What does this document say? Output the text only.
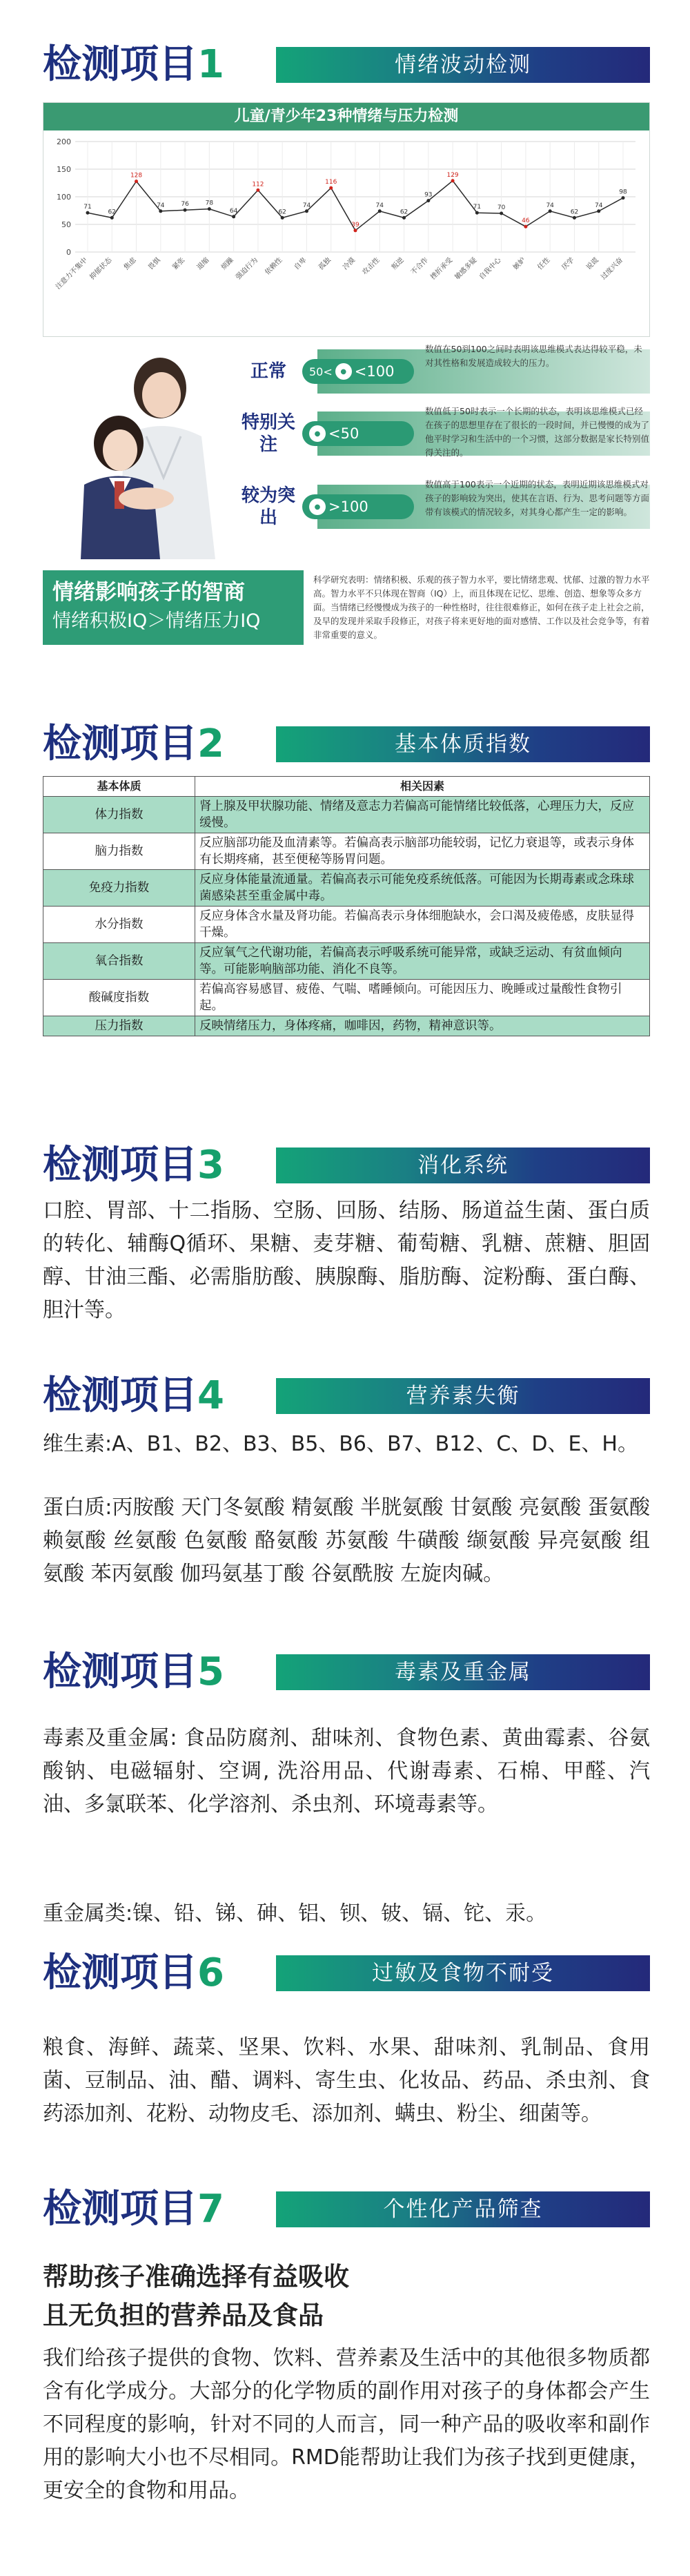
检测项目1	情绪波动检测
儿童/青少年23种情绪与压力检测
0
50
100
150
200
注意力不集中 抑郁状态 焦虑 畏惧 紧张 退缩 烦躁 强迫行为 依赖性 自卑 孤独 冷漠 攻击性 叛逆 不合作 挫折承受 敏感多疑 自我中心 嫉妒 任性 厌学 说谎 过度兴奋
71
62
128
74	76	78
64
112
62
74
116
39
74
62
93
129
71	70
46
74
62
74
98
正常	50<	● <100
数值在50到100之间时表明该思维模式表达得较平稳，未对其性格和发展造成较大的压力。
特别关注
● <50
数值低于50时表示一个长期的状态，表明该思维模式已经在孩子的思想里存在了很长的一段时间，并已慢慢的成为了他平时学习和生活中的一个习惯，这部分数据是家长特别值得关注的。
较为突出
● >100
数值高于100表示一个近期的状态，表明近期该思维模式对孩子的影响较为突出，使其在言语、行为、思考问题等方面带有该模式的情况较多，对其身心都产生一定的影响。
情绪影响孩子的智商
情绪积极IQ＞情绪压力IQ
科学研究表明：情绪积极、乐观的孩子智力水平，要比情绪悲观、忧郁、过激的智力水平高。智力水平不只体现在智商（IQ）上，而且体现在记忆、思维、创造、想象等众多方面。当情绪已经慢慢成为孩子的一种性格时，往往很难修正，如何在孩子走上社会之前，及早的发现并采取手段修正，对孩子将来更好地的面对感情、工作以及社会竞争等，有着非常重要的意义。
检测项目2	基本体质指数
基本体质	相关因素
体力指数	肾上腺及甲状腺功能、情绪及意志力若偏高可能情绪比较低落，心理压力大，反应缓慢。
脑力指数	反应脑部功能及血清素等。若偏高表示脑部功能较弱，记忆力衰退等，或表示身体有长期疼痛，甚至便秘等肠胃问题。
免疫力指数	反应身体能量流通量。若偏高表示可能免疫系统低落。可能因为长期毒素或念珠球菌感染甚至重金属中毒。
水分指数	反应身体含水量及肾功能。若偏高表示身体细胞缺水，会口渴及疲倦感，皮肤显得干燥。
氧合指数	反应氧气之代谢功能，若偏高表示呼吸系统可能异常，或缺乏运动、有贫血倾向等。可能影响脑部功能、消化不良等。
酸碱度指数	若偏高容易感冒、疲倦、气喘、嗜睡倾向。可能因压力、晚睡或过量酸性食物引起。
压力指数	反映情绪压力，身体疼痛，咖啡因，药物，精神意识等。
检测项目3	消化系统
口腔、胃部、十二指肠、空肠、回肠、结肠、肠道益生菌、蛋白质的转化、辅酶Q循环、果糖、麦芽糖、葡萄糖、乳糖、蔗糖、胆固醇、甘油三酯、必需脂肪酸、胰腺酶、脂肪酶、淀粉酶、蛋白酶、胆汁等。
检测项目4	营养素失衡
维生素:A、B1、B2、B3、B5、B6、B7、B12、C、D、E、H。
蛋白质:丙胺酸 天门冬氨酸 精氨酸 半胱氨酸 甘氨酸 亮氨酸 蛋氨酸 赖氨酸 丝氨酸 色氨酸 酪氨酸 苏氨酸 牛磺酸 缬氨酸 异亮氨酸 组氨酸 苯丙氨酸 伽玛氨基丁酸 谷氨酰胺 左旋肉碱。
检测项目5	毒素及重金属
毒素及重金属: 食品防腐剂、甜味剂、食物色素、黄曲霉素、谷氨酸钠、电磁辐射、空调, 洗浴用品、代谢毒素、石棉、甲醛、汽油、多氯联苯、化学溶剂、杀虫剂、环境毒素等。
重金属类:镍、铅、锑、砷、铝、钡、铍、镉、铊、汞。
检测项目6	过敏及食物不耐受
粮食、海鲜、蔬菜、坚果、饮料、水果、甜味剂、乳制品、食用菌、豆制品、油、醋、调料、寄生虫、化妆品、药品、杀虫剂、食药添加剂、花粉、动物皮毛、添加剂、螨虫、粉尘、细菌等。
检测项目7	个性化产品筛查
帮助孩子准确选择有益吸收
且无负担的营养品及食品
我们给孩子提供的食物、饮料、营养素及生活中的其他很多物质都含有化学成分。大部分的化学物质的副作用对孩子的身体都会产生不同程度的影响，针对不同的人而言，同一种产品的吸收率和副作用的影响大小也不尽相同。RMD能帮助让我们为孩子找到更健康，更安全的食物和用品。
